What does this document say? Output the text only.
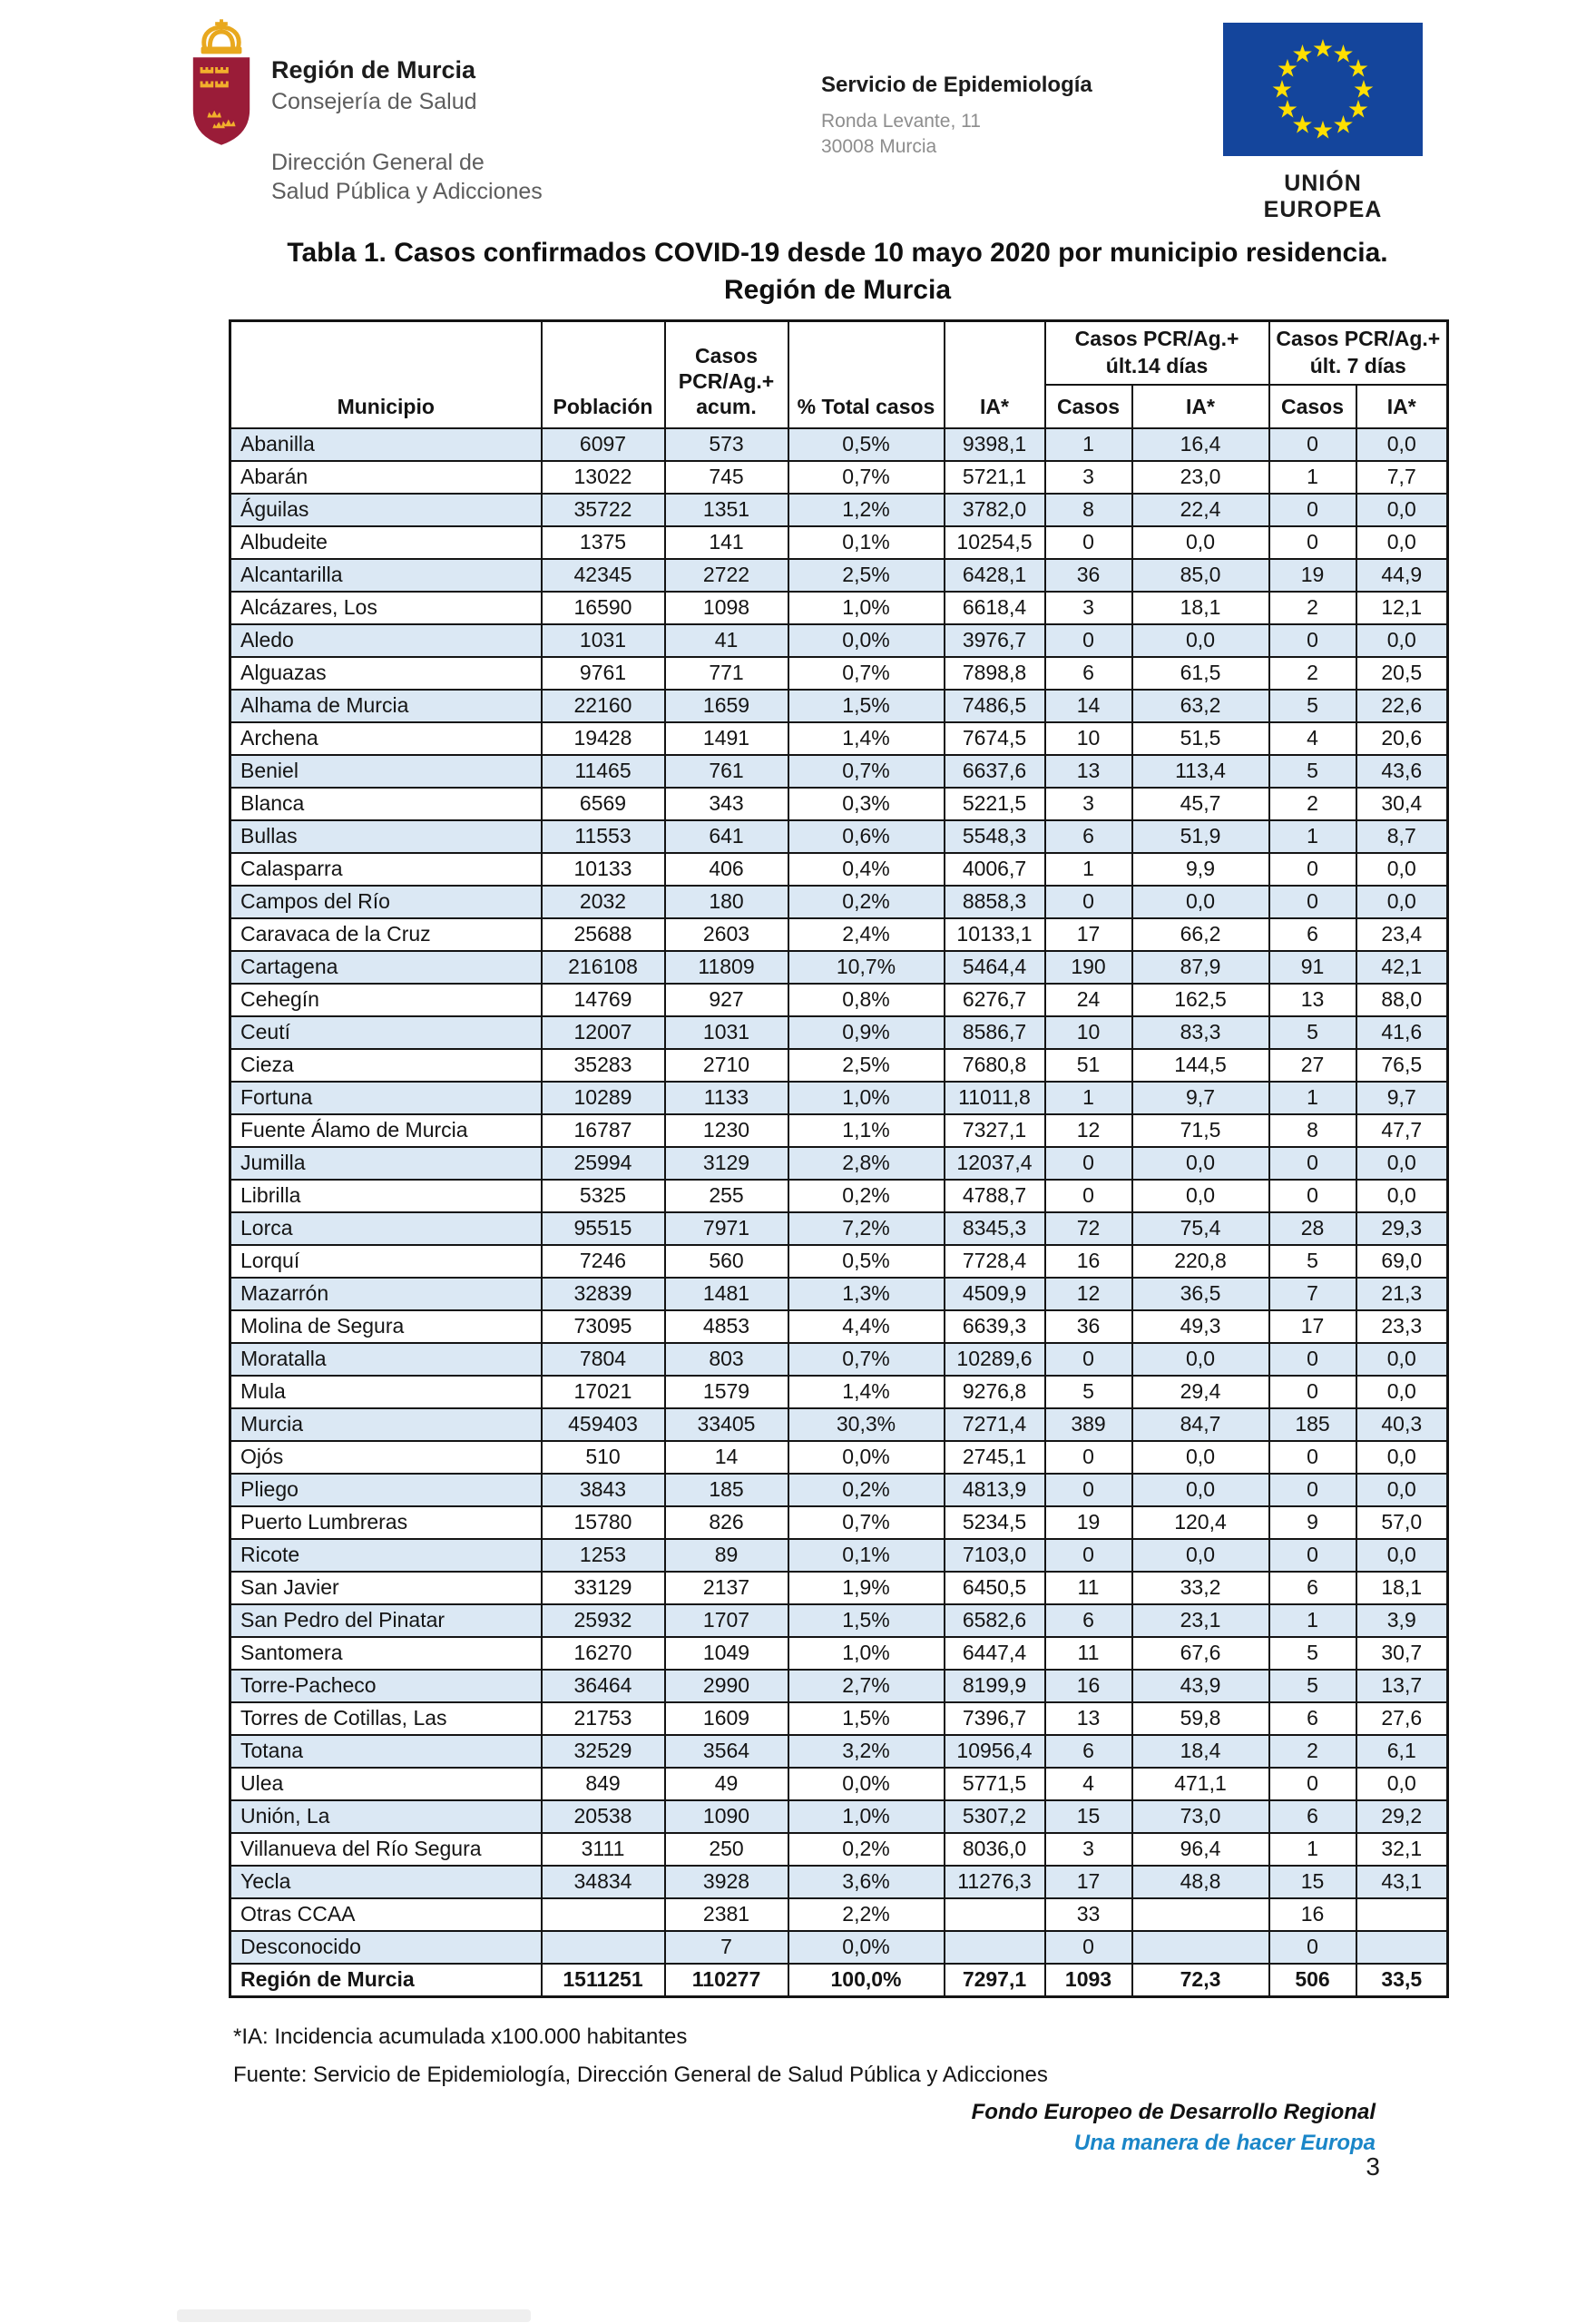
Región de Murcia
Consejería de Salud
Dirección General de Salud Pública y Adicciones
Servicio de Epidemiología
Ronda Levante, 11
30008 Murcia
★
★
★
★
★
★
★
★
★
★
★
★
UNIÓN EUROPEA
Tabla 1. Casos confirmados COVID-19 desde 10 mayo 2020 por municipio residencia.
Región de Murcia
Municipio	Población	Casos PCR/Ag.+ acum.	% Total casos	IA*	Casos PCR/Ag.+ últ.14 días		Casos PCR/Ag.+ últ. 7 días	
					Casos	IA*	Casos	IA*
Abanilla	6097	573	0,5%	9398,1	1	16,4	0	0,0
Abarán	13022	745	0,7%	5721,1	3	23,0	1	7,7
Águilas	35722	1351	1,2%	3782,0	8	22,4	0	0,0
Albudeite	1375	141	0,1%	10254,5	0	0,0	0	0,0
Alcantarilla	42345	2722	2,5%	6428,1	36	85,0	19	44,9
Alcázares, Los	16590	1098	1,0%	6618,4	3	18,1	2	12,1
Aledo	1031	41	0,0%	3976,7	0	0,0	0	0,0
Alguazas	9761	771	0,7%	7898,8	6	61,5	2	20,5
Alhama de Murcia	22160	1659	1,5%	7486,5	14	63,2	5	22,6
Archena	19428	1491	1,4%	7674,5	10	51,5	4	20,6
Beniel	11465	761	0,7%	6637,6	13	113,4	5	43,6
Blanca	6569	343	0,3%	5221,5	3	45,7	2	30,4
Bullas	11553	641	0,6%	5548,3	6	51,9	1	8,7
Calasparra	10133	406	0,4%	4006,7	1	9,9	0	0,0
Campos del Río	2032	180	0,2%	8858,3	0	0,0	0	0,0
Caravaca de la Cruz	25688	2603	2,4%	10133,1	17	66,2	6	23,4
Cartagena	216108	11809	10,7%	5464,4	190	87,9	91	42,1
Cehegín	14769	927	0,8%	6276,7	24	162,5	13	88,0
Ceutí	12007	1031	0,9%	8586,7	10	83,3	5	41,6
Cieza	35283	2710	2,5%	7680,8	51	144,5	27	76,5
Fortuna	10289	1133	1,0%	11011,8	1	9,7	1	9,7
Fuente Álamo de Murcia	16787	1230	1,1%	7327,1	12	71,5	8	47,7
Jumilla	25994	3129	2,8%	12037,4	0	0,0	0	0,0
Librilla	5325	255	0,2%	4788,7	0	0,0	0	0,0
Lorca	95515	7971	7,2%	8345,3	72	75,4	28	29,3
Lorquí	7246	560	0,5%	7728,4	16	220,8	5	69,0
Mazarrón	32839	1481	1,3%	4509,9	12	36,5	7	21,3
Molina de Segura	73095	4853	4,4%	6639,3	36	49,3	17	23,3
Moratalla	7804	803	0,7%	10289,6	0	0,0	0	0,0
Mula	17021	1579	1,4%	9276,8	5	29,4	0	0,0
Murcia	459403	33405	30,3%	7271,4	389	84,7	185	40,3
Ojós	510	14	0,0%	2745,1	0	0,0	0	0,0
Pliego	3843	185	0,2%	4813,9	0	0,0	0	0,0
Puerto Lumbreras	15780	826	0,7%	5234,5	19	120,4	9	57,0
Ricote	1253	89	0,1%	7103,0	0	0,0	0	0,0
San Javier	33129	2137	1,9%	6450,5	11	33,2	6	18,1
San Pedro del Pinatar	25932	1707	1,5%	6582,6	6	23,1	1	3,9
Santomera	16270	1049	1,0%	6447,4	11	67,6	5	30,7
Torre-Pacheco	36464	2990	2,7%	8199,9	16	43,9	5	13,7
Torres de Cotillas, Las	21753	1609	1,5%	7396,7	13	59,8	6	27,6
Totana	32529	3564	3,2%	10956,4	6	18,4	2	6,1
Ulea	849	49	0,0%	5771,5	4	471,1	0	0,0
Unión, La	20538	1090	1,0%	5307,2	15	73,0	6	29,2
Villanueva del Río Segura	3111	250	0,2%	8036,0	3	96,4	1	32,1
Yecla	34834	3928	3,6%	11276,3	17	48,8	15	43,1
Otras CCAA		2381	2,2%		33		16	
Desconocido		7	0,0%		0		0	
Región de Murcia	1511251	110277	100,0%	7297,1	1093	72,3	506	33,5
*IA: Incidencia acumulada x100.000 habitantes
Fuente: Servicio de Epidemiología, Dirección General de Salud Pública y Adicciones
Fondo Europeo de Desarrollo Regional
Una manera de hacer Europa
3
